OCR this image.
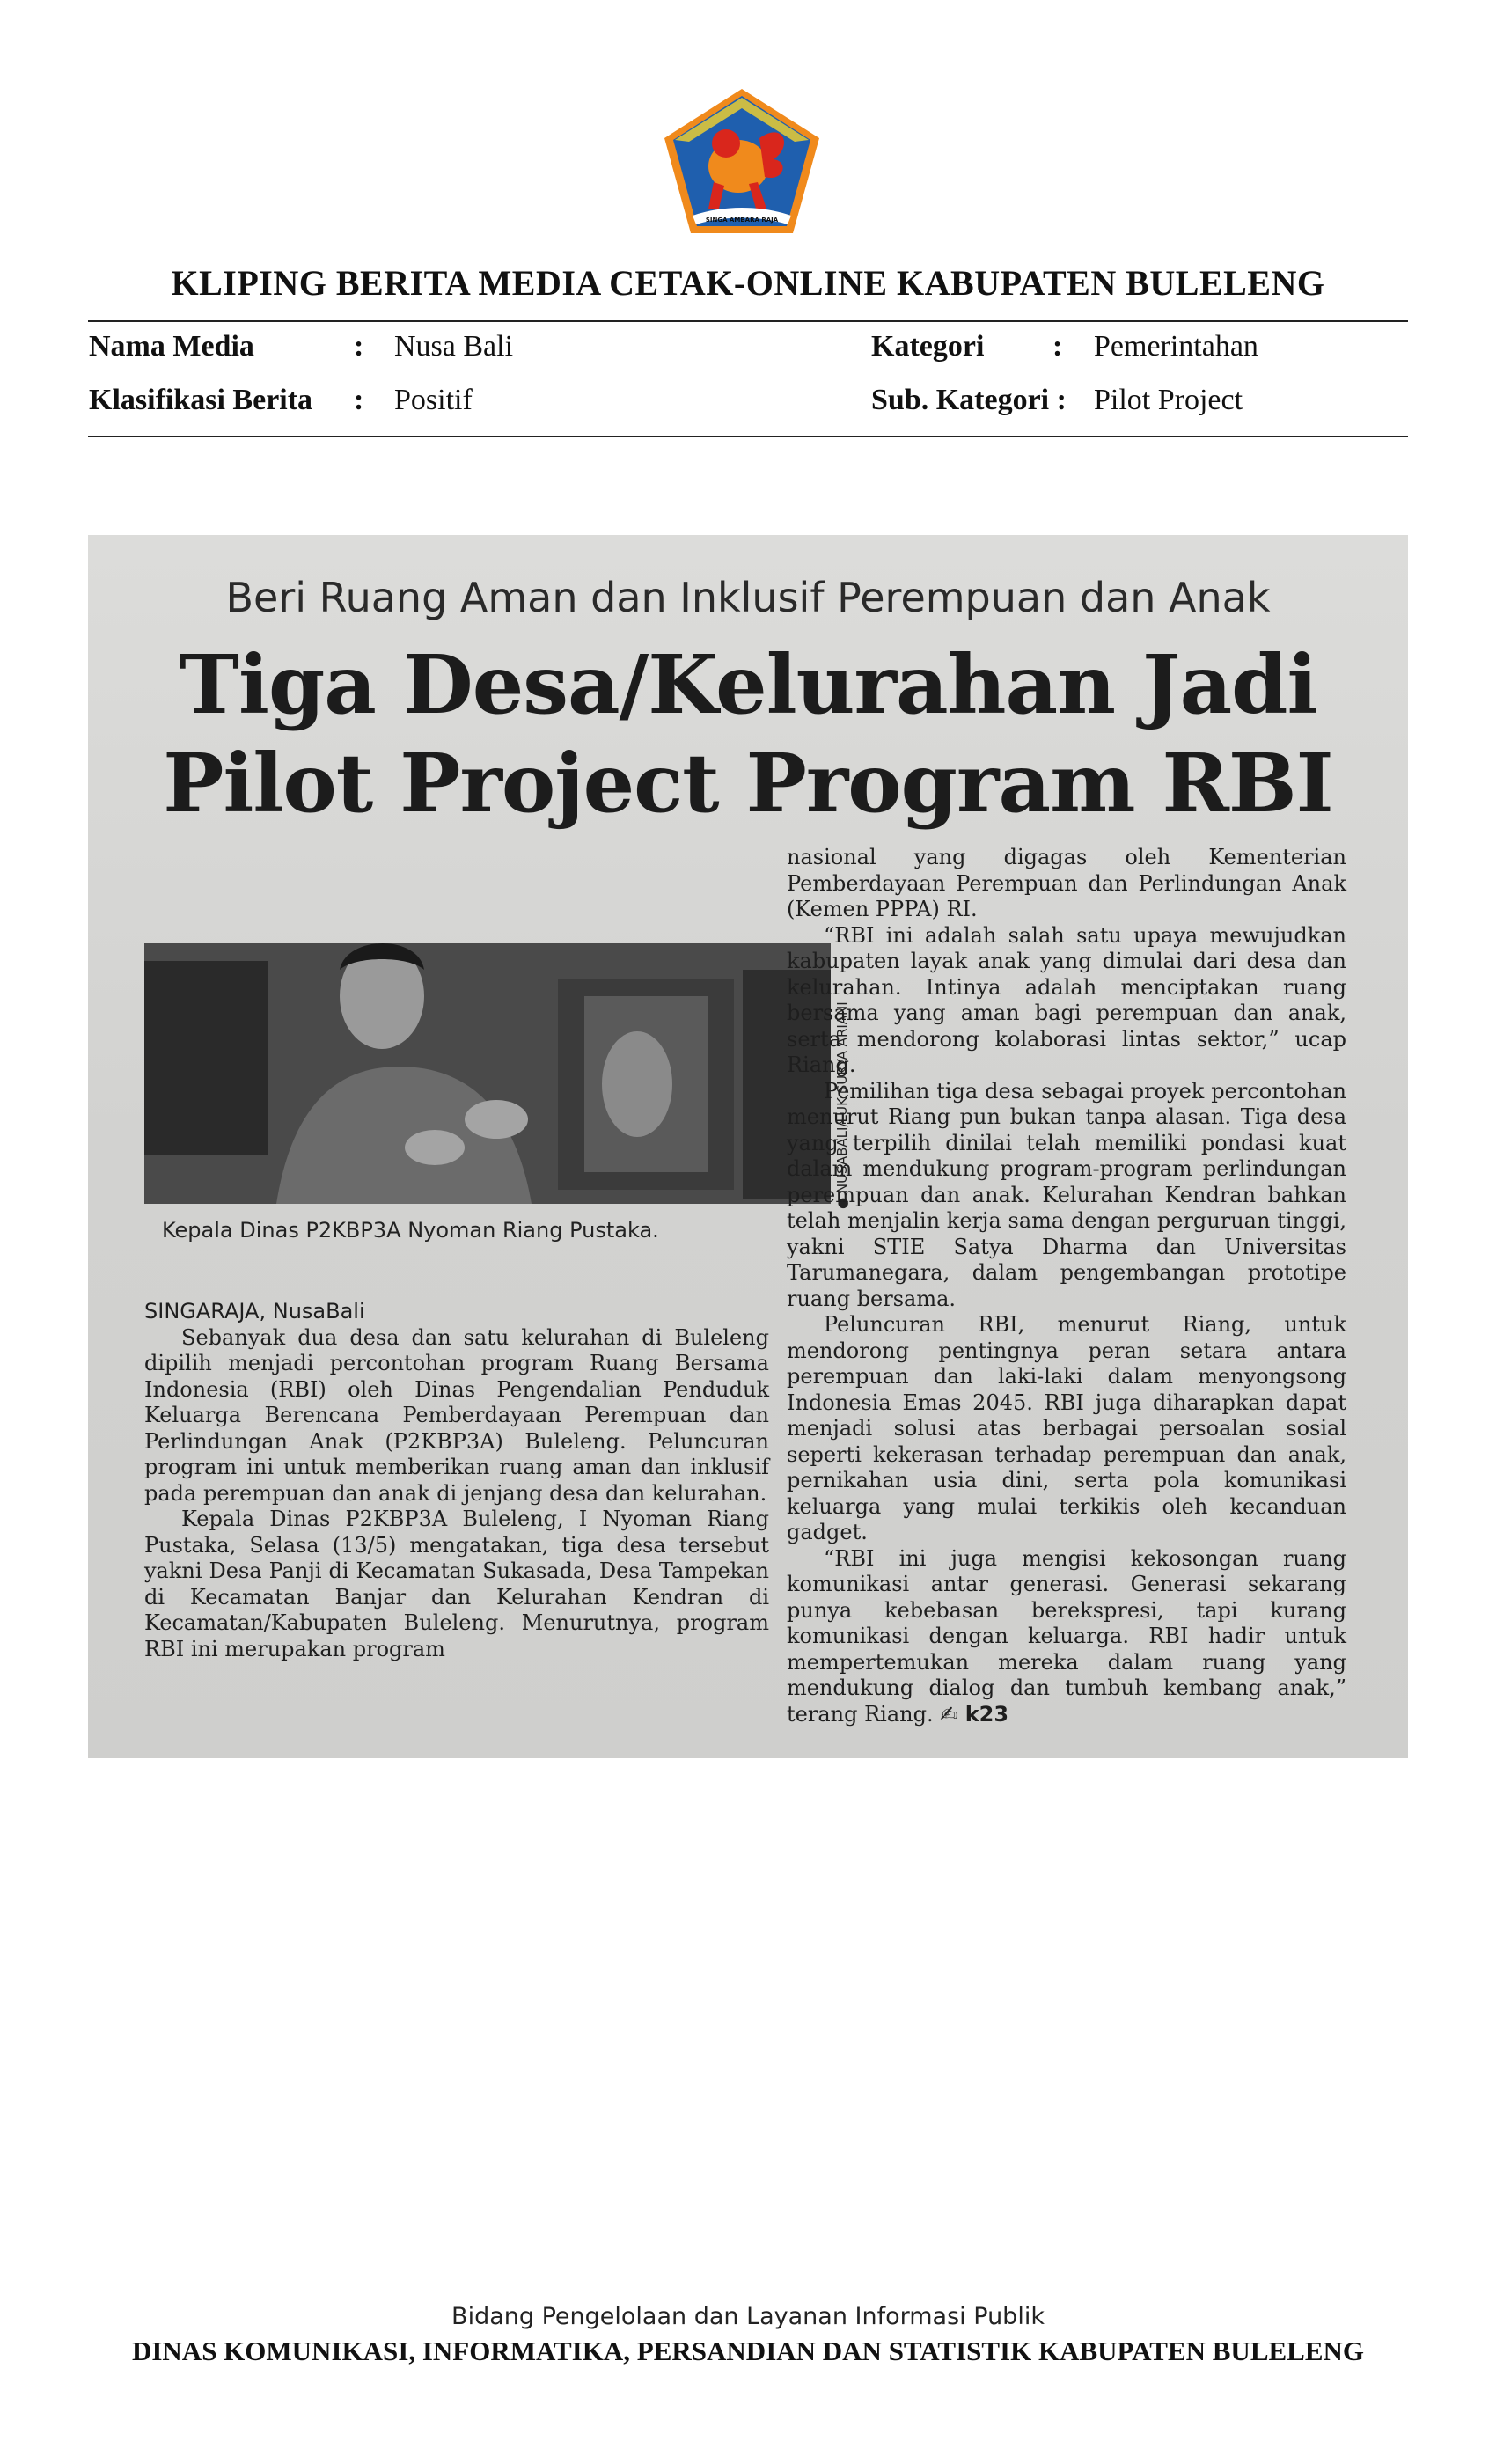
SINGA AMBARA RAJA
KLIPING BERITA MEDIA CETAK-ONLINE KABUPATEN BULELENG
Nama Media	: Nusa Bali	Kategori : Pemerintahan
Klasifikasi Berita : Positif	Sub. Kategori : Pilot Project
Beri Ruang Aman dan Inklusif Perempuan dan Anak
Tiga Desa/Kelurahan Jadi
Pilot Project Program RBI
● NUSABALI/LUK SURYA ARIANI
Kepala Dinas P2KBP3A Nyoman Riang Pustaka.

SINGARAJA, NusaBali

Sebanyak dua desa dan satu kelurahan di Buleleng dipilih menjadi percontohan program Ruang Bersama Indonesia (RBI) oleh Dinas Pengendalian Penduduk Keluarga Berencana Pemberdayaan Perempuan dan Perlindungan Anak (P2KBP3A) Buleleng. Peluncuran program ini untuk memberikan ruang aman dan inklusif pada perempuan dan anak di jenjang desa dan kelurahan.

Kepala Dinas P2KBP3A Buleleng, I Nyoman Riang Pustaka, Selasa (13/5) mengatakan, tiga desa tersebut yakni Desa Panji di Kecamatan Sukasada, Desa Tampekan di Kecamatan Banjar dan Kelurahan Kendran di Kecamatan/Kabupaten Buleleng. Menurutnya, program RBI ini merupakan program

nasional yang digagas oleh Kementerian Pemberdayaan Perempuan dan Perlindungan Anak (Kemen PPPA) RI.

“RBI ini adalah salah satu upaya mewujudkan kabupaten layak anak yang dimulai dari desa dan kelurahan. Intinya adalah menciptakan ruang bersama yang aman bagi perempuan dan anak, serta mendorong kolaborasi lintas sektor,” ucap Riang.

Pemilihan tiga desa sebagai proyek percontohan menurut Riang pun bukan tanpa alasan. Tiga desa yang terpilih dinilai telah memiliki pondasi kuat dalam mendukung program-program perlindungan perempuan dan anak. Kelurahan Kendran bahkan telah menjalin kerja sama dengan perguruan tinggi, yakni STIE Satya Dharma dan Universitas Tarumanegara, dalam pengembangan prototipe ruang bersama.

Peluncuran RBI, menurut Riang, untuk mendorong pentingnya peran setara antara perempuan dan laki-laki dalam menyongsong Indonesia Emas 2045. RBI juga diharapkan dapat menjadi solusi atas berbagai persoalan sosial seperti kekerasan terhadap perempuan dan anak, pernikahan usia dini, serta pola komunikasi keluarga yang mulai terkikis oleh kecanduan gadget.

“RBI ini juga mengisi kekosongan ruang komunikasi antar generasi. Generasi sekarang punya kebebasan berekspresi, tapi kurang komunikasi dengan keluarga. RBI hadir untuk mempertemukan mereka dalam ruang yang mendukung dialog dan tumbuh kembang anak,” terang Riang. ✍ k23

Bidang Pengelolaan dan Layanan Informasi Publik
DINAS KOMUNIKASI, INFORMATIKA, PERSANDIAN DAN STATISTIK KABUPATEN BULELENG
